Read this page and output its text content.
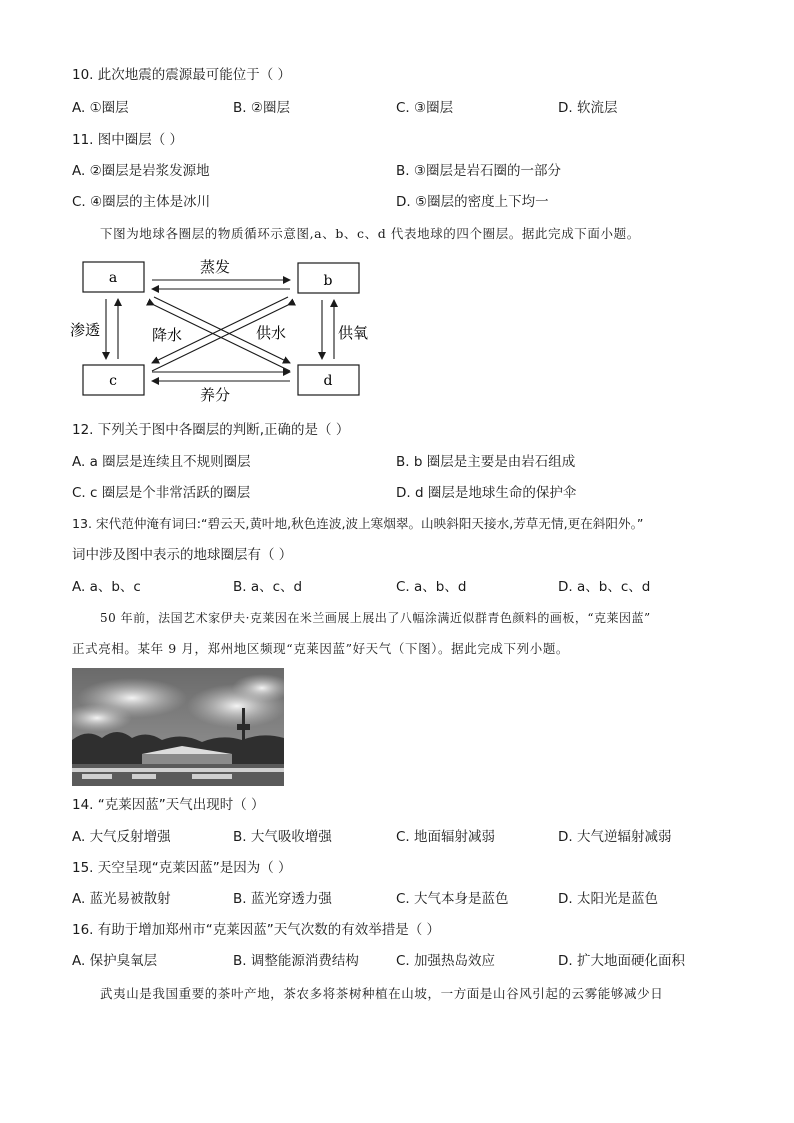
10. 此次地震的震源最可能位于（ ）
A. ①圈层	B. ②圈层	C. ③圈层	D. 软流层
11. 图中圈层（ ）
A. ②圈层是岩浆发源地	B. ③圈层是岩石圈的一部分
C. ④圈层的主体是冰川	D. ⑤圈层的密度上下均一
下图为地球各圈层的物质循环示意图,a、b、c、d 代表地球的四个圈层。据此完成下面小题。
a	b
c	d
蒸发
养分
渗透	供氧
降水	供水
12. 下列关于图中各圈层的判断,正确的是（ ）
A. a 圈层是连续且不规则圈层	B. b 圈层是主要是由岩石组成
C. c 圈层是个非常活跃的圈层	D. d 圈层是地球生命的保护伞
13. 宋代范仲淹有词曰:“碧云天,黄叶地,秋色连波,波上寒烟翠。山映斜阳天接水,芳草无情,更在斜阳外。”
词中涉及图中表示的地球圈层有（ ）
A. a、b、c	B. a、c、d	C. a、b、d	D. a、b、c、d
50 年前，法国艺术家伊夫·克莱因在米兰画展上展出了八幅涂满近似群青色颜料的画板，“克莱因蓝”
正式亮相。某年 9 月，郑州地区频现“克莱因蓝”好天气（下图）。据此完成下列小题。
14. “克莱因蓝”天气出现时（ ）
A. 大气反射增强	B. 大气吸收增强	C. 地面辐射减弱	D. 大气逆辐射减弱
15. 天空呈现“克莱因蓝”是因为（ ）
A. 蓝光易被散射	B. 蓝光穿透力强	C. 大气本身是蓝色	D. 太阳光是蓝色
16. 有助于增加郑州市“克莱因蓝”天气次数的有效举措是（ ）
A. 保护臭氧层	B. 调整能源消费结构	C. 加强热岛效应	D. 扩大地面硬化面积
武夷山是我国重要的茶叶产地，茶农多将茶树种植在山坡，一方面是山谷风引起的云雾能够减少日
